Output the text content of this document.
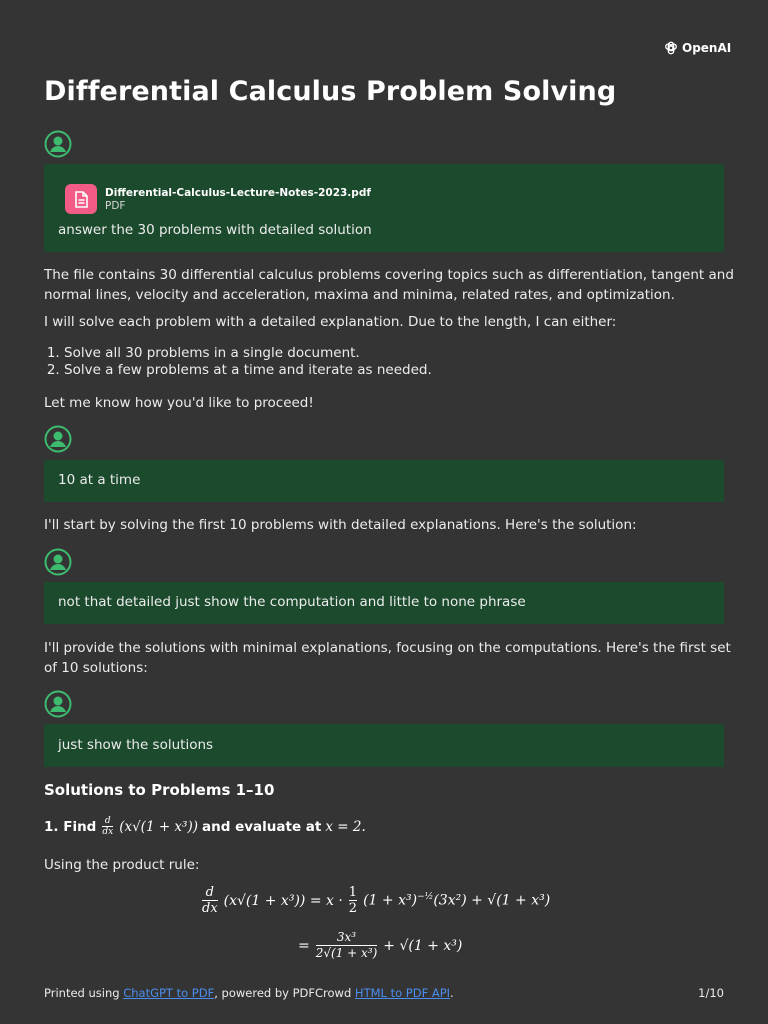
OpenAI
Differential Calculus Problem Solving
Differential-Calculus-Lecture-Notes-2023.pdf
PDF
answer the 30 problems with detailed solution

The file contains 30 differential calculus problems covering topics such as differentiation, tangent and normal lines, velocity and acceleration, maxima and minima, related rates, and optimization.

I will solve each problem with a detailed explanation. Due to the length, I can either:

1. Solve all 30 problems in a single document.
2. Solve a few problems at a time and iterate as needed.

Let me know how you'd like to proceed!

10 at a time

I'll start by solving the first 10 problems with detailed explanations. Here's the solution:

not that detailed just show the computation and little to none phrase

I'll provide the solutions with minimal explanations, focusing on the computations. Here's the first set of 10 solutions:

just show the solutions
Solutions to Problems 1–10
1. Find $\frac{d}{dx} (x√(1 + x^3))$ and evaluate at x = 2.

Using the product rule:

$\frac{d}{dx} (x√(1 + x^3)) = x \cdot \frac{1}{2} (1 + x^3)^{-\frac{1}{2}}(3x^2) + √(1 + x^3)$
= $\frac{\text{3x³}}{\text{2√(1 + x³)}} + √(1 + x^3)$
Printed using ChatGPT to PDF, powered by PDFCrowd HTML to PDF API.	1/10
